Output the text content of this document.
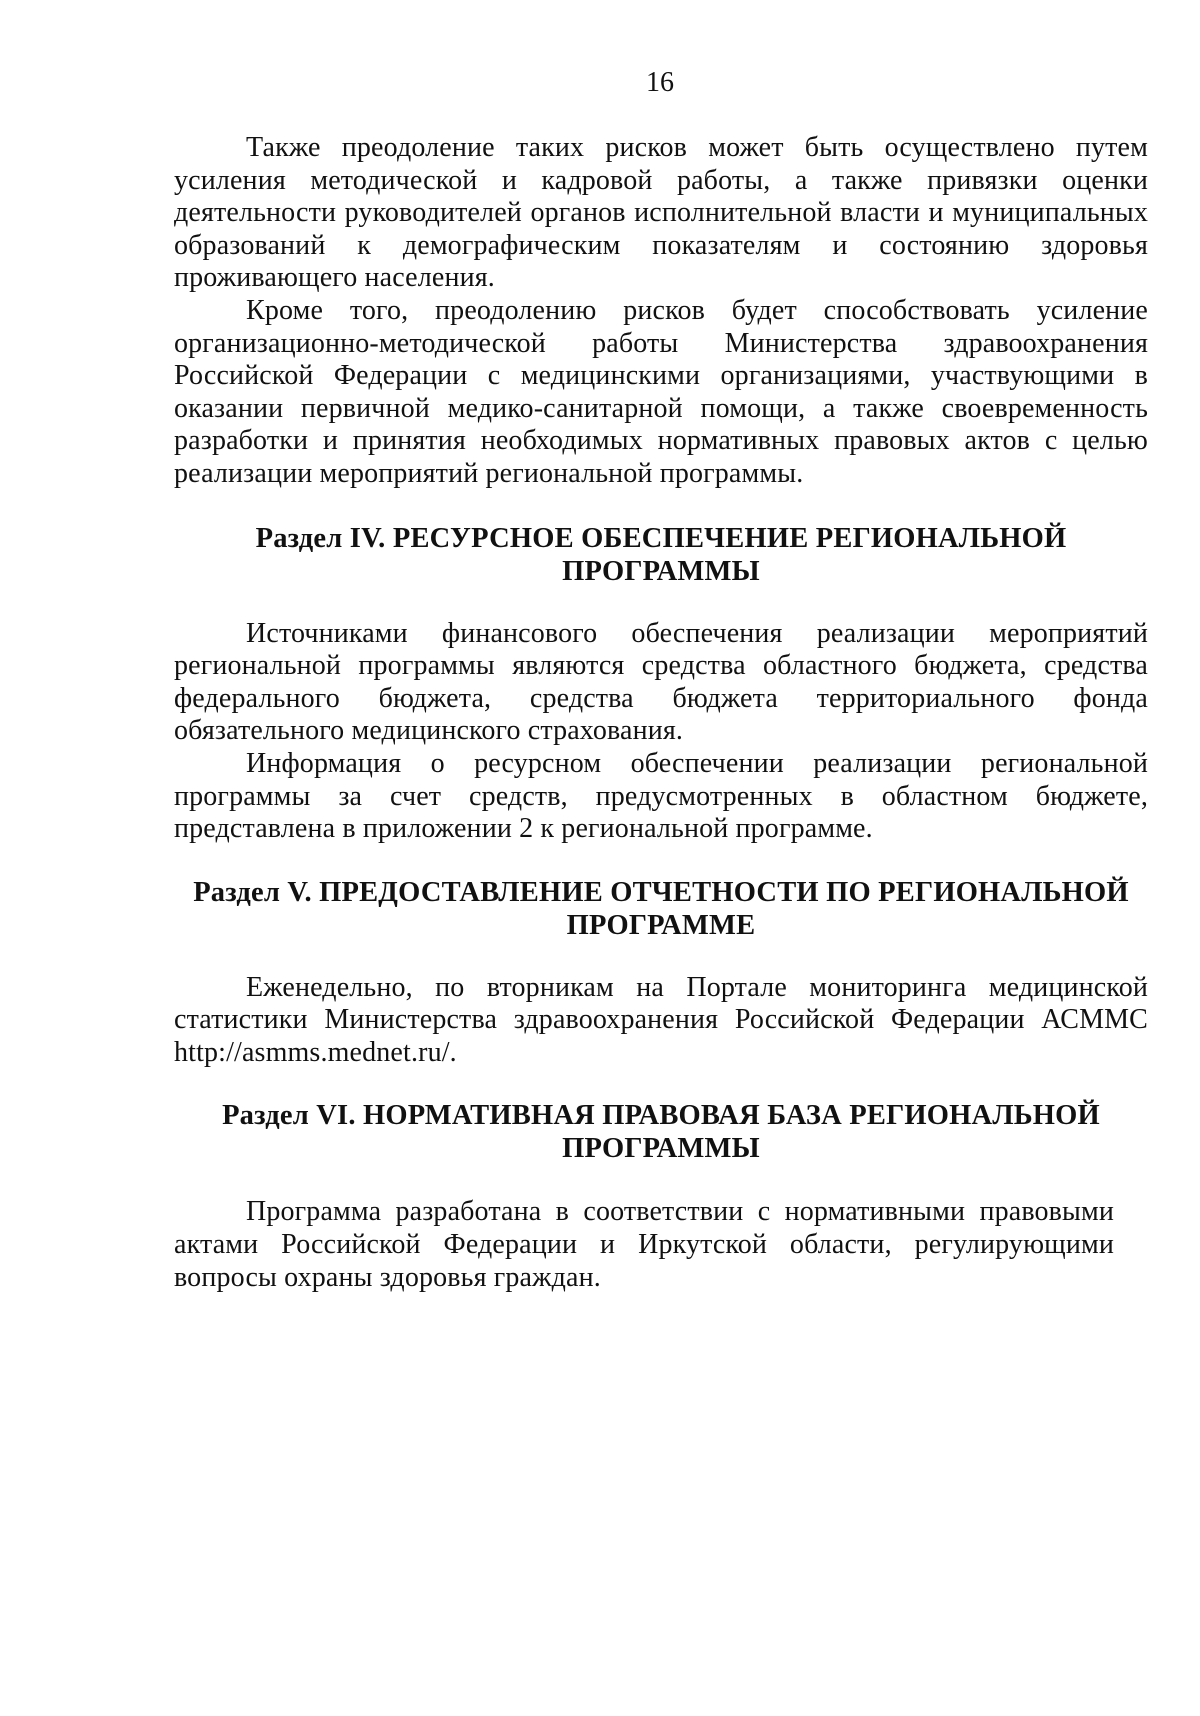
16

Также преодоление таких рисков может быть осуществлено путем усиления методической и кадровой работы, а также привязки оценки деятельности руководителей органов исполнительной власти и муниципальных образований к демографическим показателям и состоянию здоровья проживающего населения.

Кроме того, преодолению рисков будет способствовать усиление организационно-методической работы Министерства здравоохранения Российской Федерации с медицинскими организациями, участвующими в оказании первичной медико-санитарной помощи, а также своевременность разработки и принятия необходимых нормативных правовых актов с целью реализации мероприятий региональной программы.

Раздел IV. РЕСУРСНОЕ ОБЕСПЕЧЕНИЕ РЕГИОНАЛЬНОЙ
ПРОГРАММЫ

Источниками финансового обеспечения реализации мероприятий региональной программы являются средства областного бюджета, средства федерального бюджета, средства бюджета территориального фонда обязательного медицинского страхования.

Информация о ресурсном обеспечении реализации региональной программы за счет средств, предусмотренных в областном бюджете, представлена в приложении 2 к региональной программе.

Раздел V. ПРЕДОСТАВЛЕНИЕ ОТЧЕТНОСТИ ПО РЕГИОНАЛЬНОЙ
ПРОГРАММЕ

Еженедельно, по вторникам на Портале мониторинга медицинской статистики Министерства здравоохранения Российской Федерации АСММС http://asmms.mednet.ru/.

Раздел VI. НОРМАТИВНАЯ ПРАВОВАЯ БАЗА РЕГИОНАЛЬНОЙ
ПРОГРАММЫ

Программа разработана в соответствии с нормативными правовыми актами Российской Федерации и Иркутской области, регулирующими вопросы охраны здоровья граждан.
